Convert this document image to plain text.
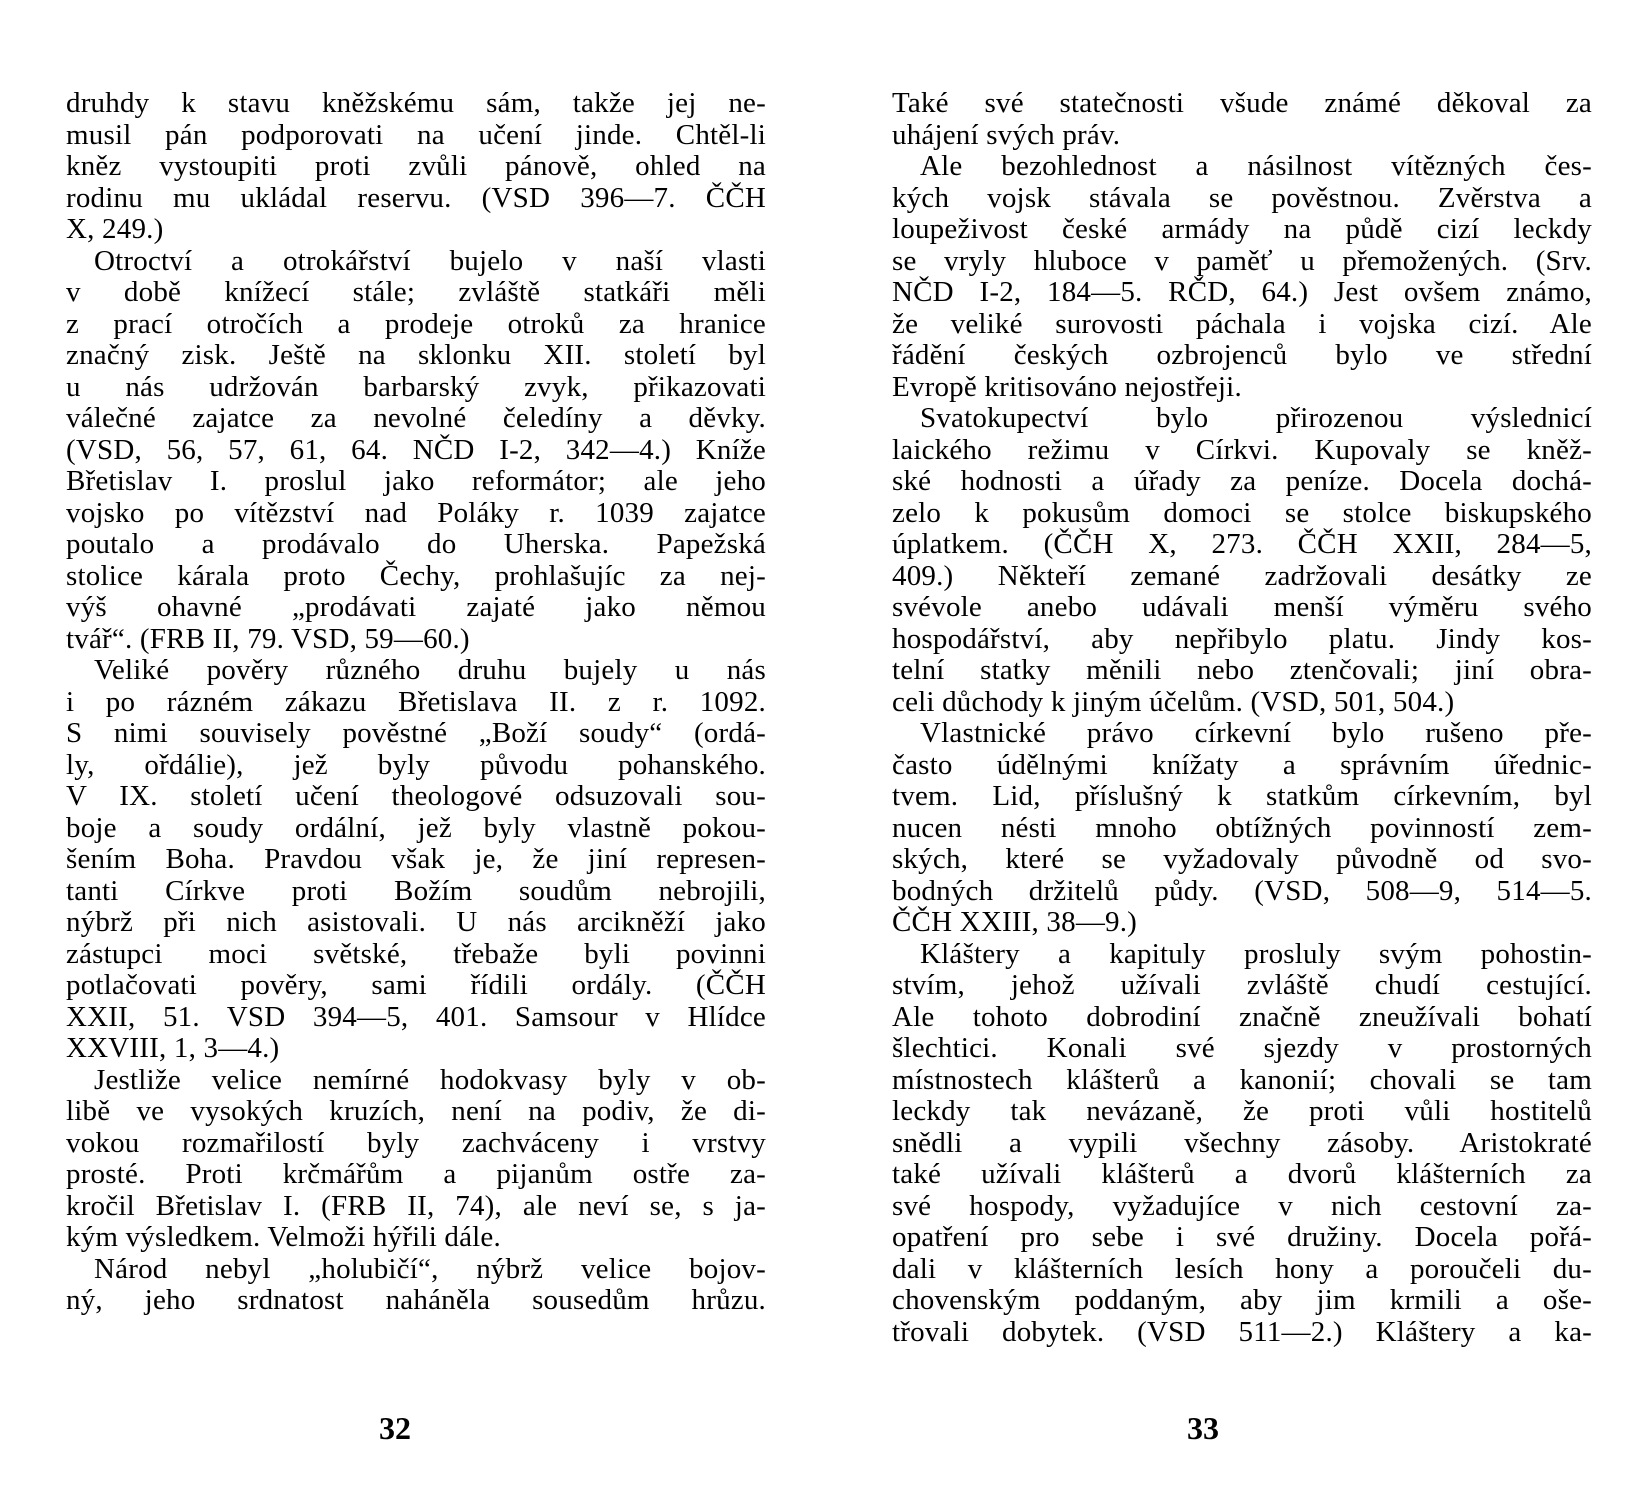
druhdy k stavu kněžskému sám, takže jej ne-
musil pán podporovati na učení jinde. Chtěl-li
kněz vystoupiti proti zvůli pánově, ohled na
rodinu mu ukládal reservu. (VSD 396—7. ČČH
X, 249.)
Otroctví a otrokářství bujelo v naší vlasti
v době knížecí stále; zvláště statkáři měli
z prací otročích a prodeje otroků za hranice
značný zisk. Ještě na sklonku XII. století byl
u nás udržován barbarský zvyk, přikazovati
válečné zajatce za nevolné čeledíny a děvky.
(VSD, 56, 57, 61, 64. NČD I-2, 342—4.) Kníže
Břetislav I. proslul jako reformátor; ale jeho
vojsko po vítězství nad Poláky r. 1039 zajatce
poutalo a prodávalo do Uherska. Papežská
stolice kárala proto Čechy, prohlašujíc za nej-
výš ohavné „prodávati zajaté jako němou
tvář“. (FRB II, 79. VSD, 59—60.)
Veliké pověry různého druhu bujely u nás
i po rázném zákazu Břetislava II. z r. 1092.
S nimi souvisely pověstné „Boží soudy“ (ordá-
ly, ořdálie), jež byly původu pohanského.
V IX. století učení theologové odsuzovali sou-
boje a soudy ordální, jež byly vlastně pokou-
šením Boha. Pravdou však je, že jiní represen-
tanti Církve proti Božím soudům nebrojili,
nýbrž při nich asistovali. U nás arcikněží jako
zástupci moci světské, třebaže byli povinni
potlačovati pověry, sami řídili ordály. (ČČH
XXII, 51. VSD 394—5, 401. Samsour v Hlídce
XXVIII, 1, 3—4.)
Jestliže velice nemírné hodokvasy byly v ob-
libě ve vysokých kruzích, není na podiv, že di-
vokou rozmařilostí byly zachváceny i vrstvy
prosté. Proti krčmářům a pijanům ostře za-
kročil Břetislav I. (FRB II, 74), ale neví se, s ja-
kým výsledkem. Velmoži hýřili dále.
Národ nebyl „holubičí“, nýbrž velice bojov-
ný, jeho srdnatost naháněla sousedům hrůzu.
32
Také své statečnosti všude známé děkoval za
uhájení svých práv.
Ale bezohlednost a násilnost vítězných čes-
kých vojsk stávala se pověstnou. Zvěrstva a
loupeživost české armády na půdě cizí leckdy
se vryly hluboce v paměť u přemožených. (Srv.
NČD I-2, 184—5. RČD, 64.) Jest ovšem známo,
že veliké surovosti páchala i vojska cizí. Ale
řádění českých ozbrojenců bylo ve střední
Evropě kritisováno nejostřeji.
Svatokupectví bylo přirozenou výslednicí
laického režimu v Církvi. Kupovaly se kněž-
ské hodnosti a úřady za peníze. Docela dochá-
zelo k pokusům domoci se stolce biskupského
úplatkem. (ČČH X, 273. ČČH XXII, 284—5,
409.) Někteří zemané zadržovali desátky ze
svévole anebo udávali menší výměru svého
hospodářství, aby nepřibylo platu. Jindy kos-
telní statky měnili nebo ztenčovali; jiní obra-
celi důchody k jiným účelům. (VSD, 501, 504.)
Vlastnické právo církevní bylo rušeno pře-
často údělnými knížaty a správním úřednic-
tvem. Lid, příslušný k statkům církevním, byl
nucen nésti mnoho obtížných povinností zem-
ských, které se vyžadovaly původně od svo-
bodných držitelů půdy. (VSD, 508—9, 514—5.
ČČH XXIII, 38—9.)
Kláštery a kapituly prosluly svým pohostin-
stvím, jehož užívali zvláště chudí cestující.
Ale tohoto dobrodiní značně zneužívali bohatí
šlechtici. Konali své sjezdy v prostorných
místnostech klášterů a kanonií; chovali se tam
leckdy tak nevázaně, že proti vůli hostitelů
snědli a vypili všechny zásoby. Aristokraté
také užívali klášterů a dvorů klášterních za
své hospody, vyžadujíce v nich cestovní za-
opatření pro sebe i své družiny. Docela pořá-
dali v klášterních lesích hony a poroučeli du-
chovenským poddaným, aby jim krmili a oše-
třovali dobytek. (VSD 511—2.) Kláštery a ka-
33
